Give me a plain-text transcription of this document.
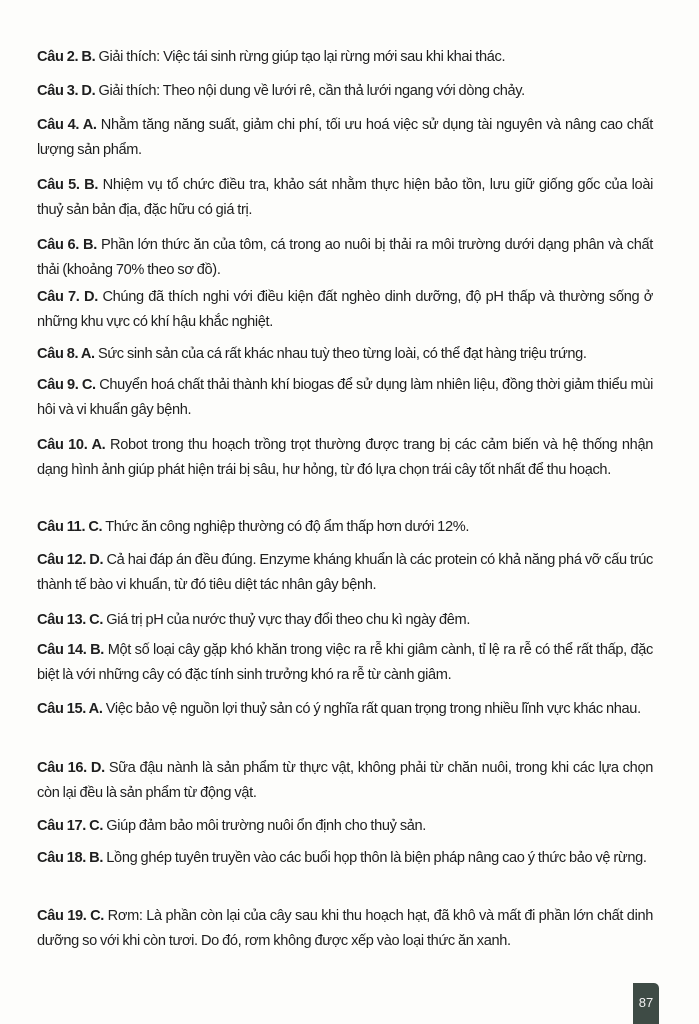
Câu 2. B. Giải thích: Việc tái sinh rừng giúp tạo lại rừng mới sau khi khai thác.
Câu 3. D. Giải thích: Theo nội dung về lưới rê, cần thả lưới ngang với dòng chảy.
Câu 4. A. Nhằm tăng năng suất, giảm chi phí, tối ưu hoá việc sử dụng tài nguyên và nâng cao chất lượng sản phẩm.
Câu 5. B. Nhiệm vụ tổ chức điều tra, khảo sát nhằm thực hiện bảo tồn, lưu giữ giống gốc của loài thuỷ sản bản địa, đặc hữu có giá trị.
Câu 6. B. Phần lớn thức ăn của tôm, cá trong ao nuôi bị thải ra môi trường dưới dạng phân và chất thải (khoảng 70% theo sơ đồ).
Câu 7. D. Chúng đã thích nghi với điều kiện đất nghèo dinh dưỡng, độ pH thấp và thường sống ở những khu vực có khí hậu khắc nghiệt.
Câu 8. A. Sức sinh sản của cá rất khác nhau tuỳ theo từng loài, có thể đạt hàng triệu trứng.
Câu 9. C. Chuyển hoá chất thải thành khí biogas để sử dụng làm nhiên liệu, đồng thời giảm thiểu mùi hôi và vi khuẩn gây bệnh.
Câu 10. A. Robot trong thu hoạch trồng trọt thường được trang bị các cảm biến và hệ thống nhận dạng hình ảnh giúp phát hiện trái bị sâu, hư hỏng, từ đó lựa chọn trái cây tốt nhất để thu hoạch.
Câu 11. C. Thức ăn công nghiệp thường có độ ẩm thấp hơn dưới 12%.
Câu 12. D. Cả hai đáp án đều đúng. Enzyme kháng khuẩn là các protein có khả năng phá vỡ cấu trúc thành tế bào vi khuẩn, từ đó tiêu diệt tác nhân gây bệnh.
Câu 13. C. Giá trị pH của nước thuỷ vực thay đổi theo chu kì ngày đêm.
Câu 14. B. Một số loại cây gặp khó khăn trong việc ra rễ khi giâm cành, tỉ lệ ra rễ có thể rất thấp, đặc biệt là với những cây có đặc tính sinh trưởng khó ra rễ từ cành giâm.
Câu 15. A. Việc bảo vệ nguồn lợi thuỷ sản có ý nghĩa rất quan trọng trong nhiều lĩnh vực khác nhau.
Câu 16. D. Sữa đậu nành là sản phẩm từ thực vật, không phải từ chăn nuôi, trong khi các lựa chọn còn lại đều là sản phẩm từ động vật.
Câu 17. C. Giúp đảm bảo môi trường nuôi ổn định cho thuỷ sản.
Câu 18. B. Lồng ghép tuyên truyền vào các buổi họp thôn là biện pháp nâng cao ý thức bảo vệ rừng.
Câu 19. C. Rơm: Là phần còn lại của cây sau khi thu hoạch hạt, đã khô và mất đi phần lớn chất dinh dưỡng so với khi còn tươi. Do đó, rơm không được xếp vào loại thức ăn xanh.
87
